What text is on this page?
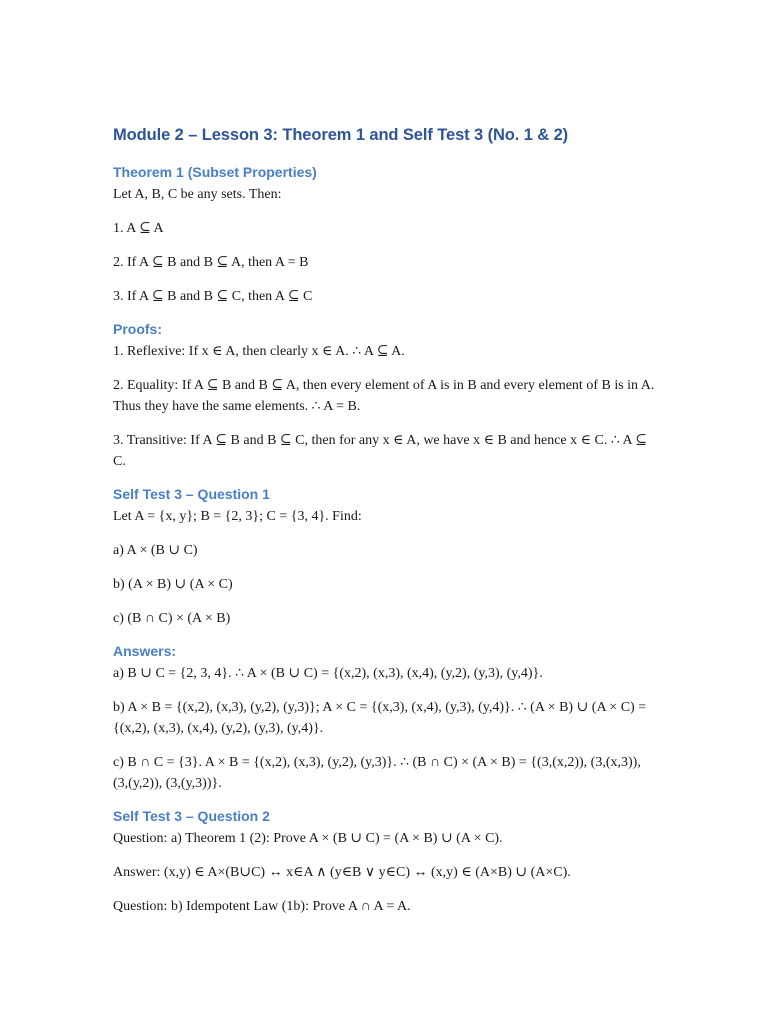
Module 2 – Lesson 3: Theorem 1 and Self Test 3 (No. 1 & 2)
Theorem 1 (Subset Properties)

Let A, B, C be any sets. Then:

1. A ⊆ A

2. If A ⊆ B and B ⊆ A, then A = B

3. If A ⊆ B and B ⊆ C, then A ⊆ C

Proofs:

1. Reflexive: If x ∈ A, then clearly x ∈ A. ∴ A ⊆ A.

2. Equality: If A ⊆ B and B ⊆ A, then every element of A is in B and every element of B is in A. Thus they have the same elements. ∴ A = B.

3. Transitive: If A ⊆ B and B ⊆ C, then for any x ∈ A, we have x ∈ B and hence x ∈ C. ∴ A ⊆ C.

Self Test 3 – Question 1

Let A = {x, y}; B = {2, 3}; C = {3, 4}. Find:

a) A × (B ∪ C)

b) (A × B) ∪ (A × C)

c) (B ∩ C) × (A × B)

Answers:

a) B ∪ C = {2, 3, 4}. ∴ A × (B ∪ C) = {(x,2), (x,3), (x,4), (y,2), (y,3), (y,4)}.

b) A × B = {(x,2), (x,3), (y,2), (y,3)}; A × C = {(x,3), (x,4), (y,3), (y,4)}. ∴ (A × B) ∪ (A × C) = {(x,2), (x,3), (x,4), (y,2), (y,3), (y,4)}.

c) B ∩ C = {3}. A × B = {(x,2), (x,3), (y,2), (y,3)}. ∴ (B ∩ C) × (A × B) = {(3,(x,2)), (3,(x,3)), (3,(y,2)), (3,(y,3))}.

Self Test 3 – Question 2

Question: a) Theorem 1 (2): Prove A × (B ∪ C) = (A × B) ∪ (A × C).

Answer: (x,y) ∈ A×(B∪C) ↔ x∈A ∧ (y∈B ∨ y∈C) ↔ (x,y) ∈ (A×B) ∪ (A×C).

Question: b) Idempotent Law (1b): Prove A ∩ A = A.
